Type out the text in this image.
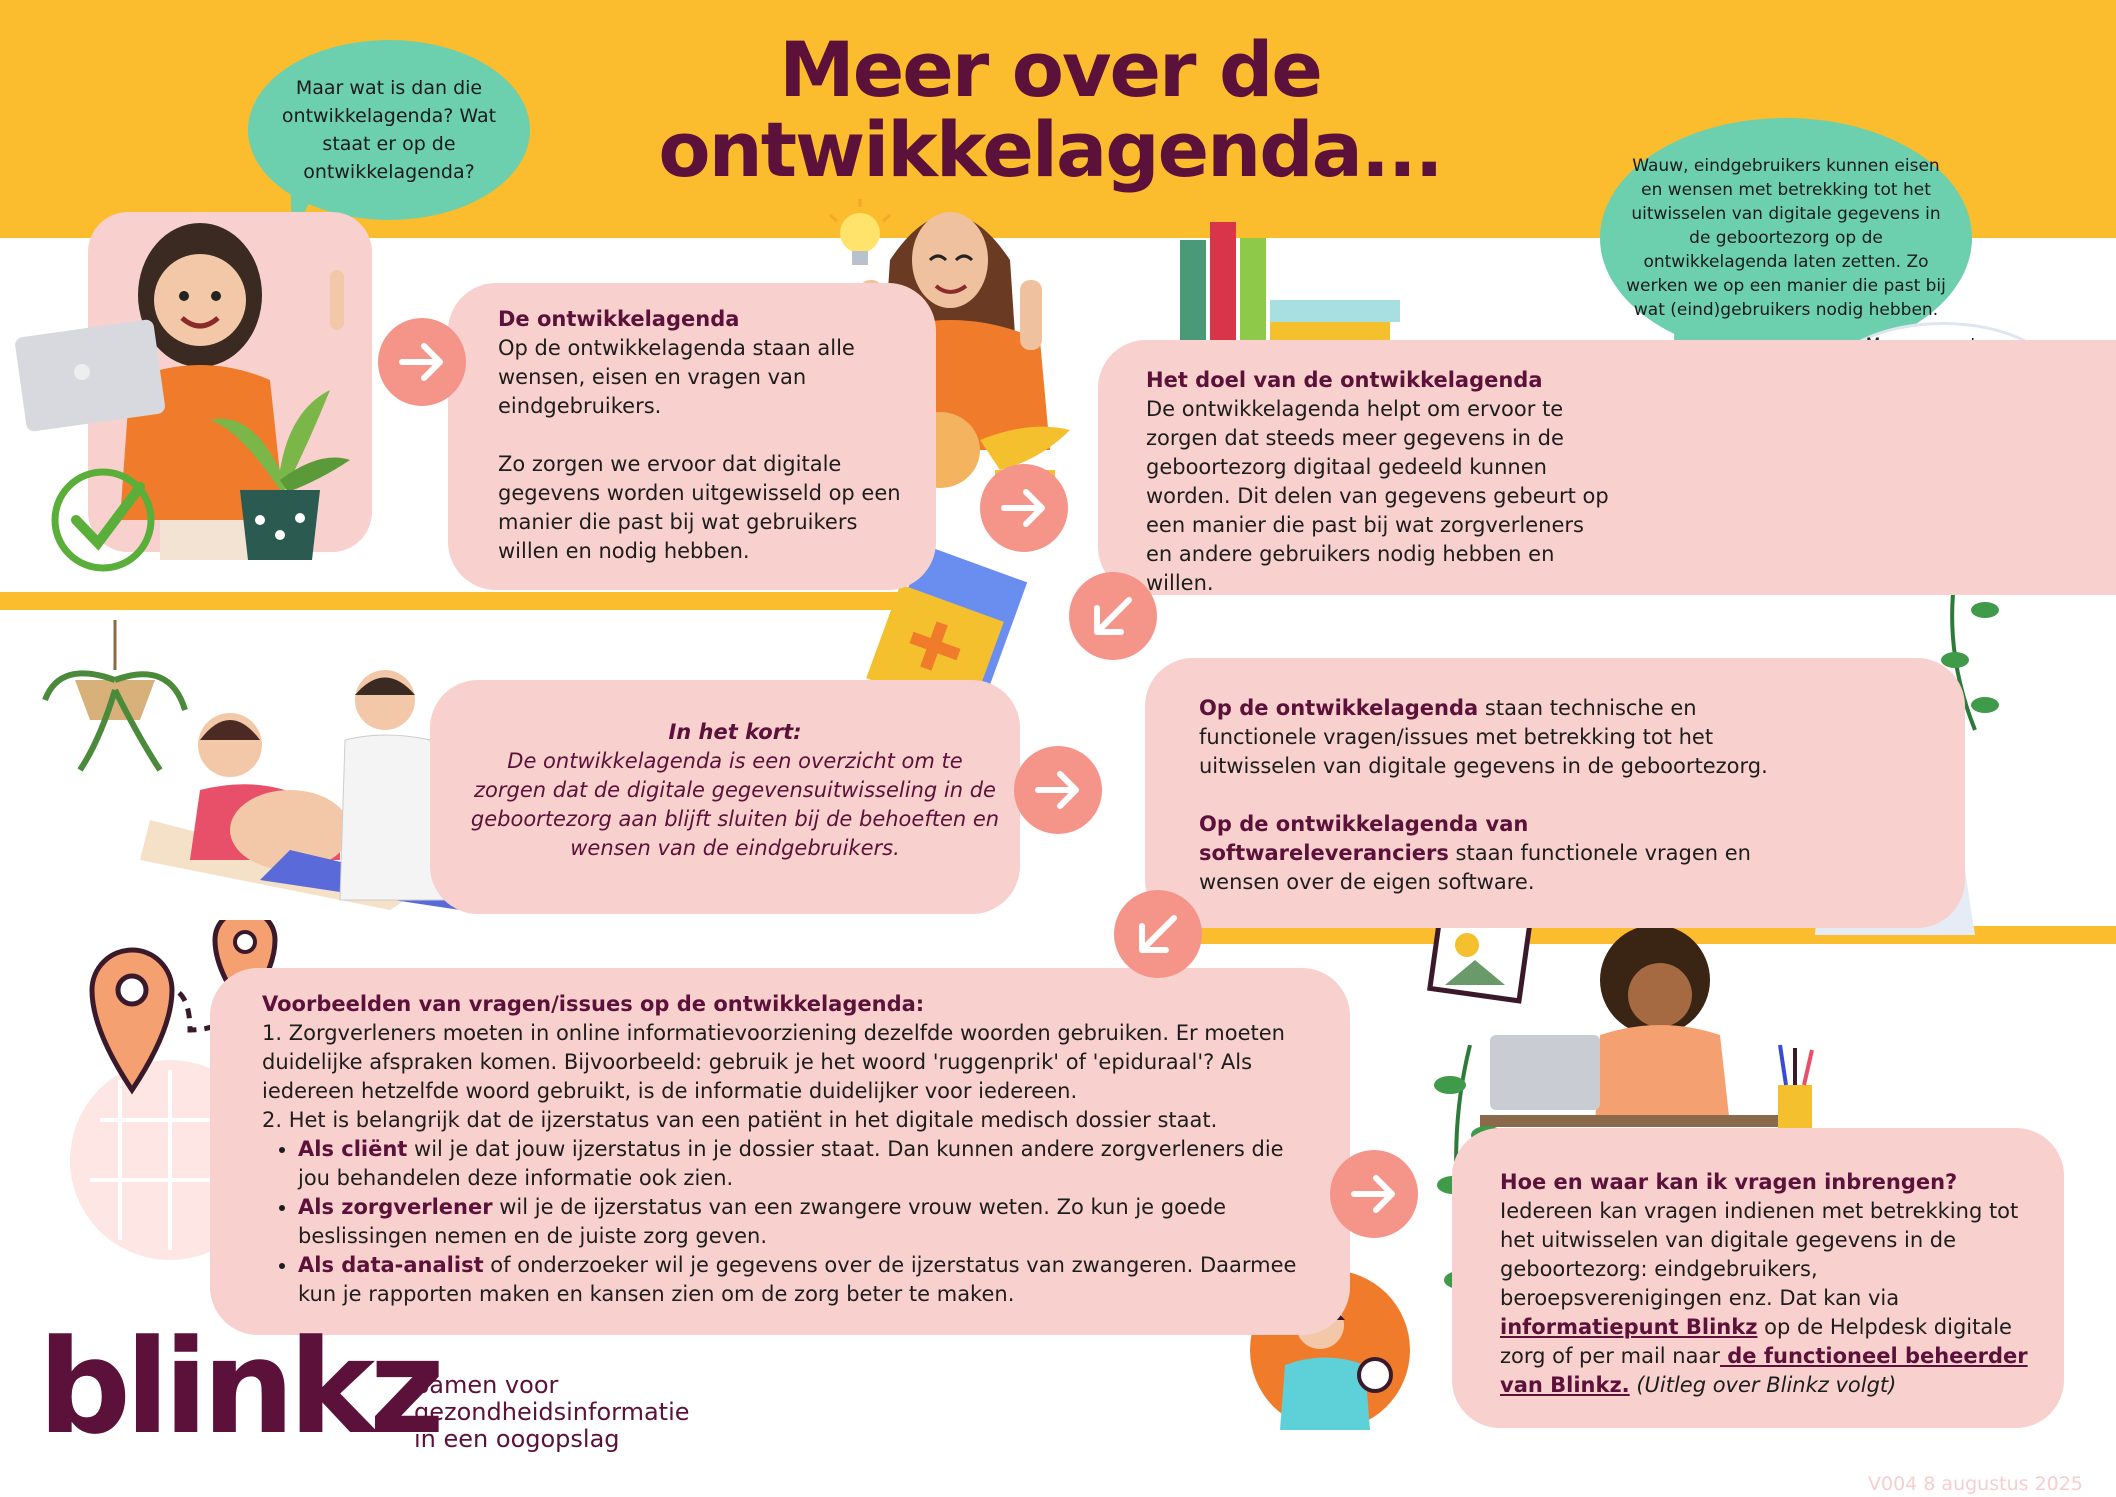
Meer over de
ontwikkelagenda...
Maar wat is dan die ontwikkelagenda? Wat staat er op de ontwikkelagenda?	Wauw, eindgebruikers kunnen eisen en wensen met betrekking tot het uitwisselen van digitale gegevens in de geboortezorg op de ontwikkelagenda laten zetten. Zo werken we op een manier die past bij wat (eind)gebruikers nodig hebben.
De ontwikkelagenda
Op de ontwikkelagenda staan alle wensen, eisen en vragen van eindgebruikers.
Zo zorgen we ervoor dat digitale gegevens worden uitgewisseld op een manier die past bij wat gebruikers willen en nodig hebben.
Het doel van de ontwikkelagenda
De ontwikkelagenda helpt om ervoor te zorgen dat steeds meer gegevens in de geboortezorg digitaal gedeeld kunnen worden. Dit delen van gegevens gebeurt op een manier die past bij wat zorgverleners en andere gebruikers nodig hebben en willen.
In het kort:
De ontwikkelagenda is een overzicht om te zorgen dat de digitale gegevensuitwisseling in de geboortezorg aan blijft sluiten bij de behoeften en wensen van de eindgebruikers.
Op de ontwikkelagenda staan technische en functionele vragen/issues met betrekking tot het uitwisselen van digitale gegevens in de geboortezorg.
Op de ontwikkelagenda van softwareleveranciers staan functionele vragen en wensen over de eigen software.
Voorbeelden van vragen/issues op de ontwikkelagenda:
1. Zorgverleners moeten in online informatievoorziening dezelfde woorden gebruiken. Er moeten duidelijke afspraken komen. Bijvoorbeeld: gebruik je het woord 'ruggenprik' of 'epiduraal'? Als iedereen hetzelfde woord gebruikt, is de informatie duidelijker voor iedereen.
2. Het is belangrijk dat de ijzerstatus van een patiënt in het digitale medisch dossier staat.
• Als cliënt wil je dat jouw ijzerstatus in je dossier staat. Dan kunnen andere zorgverleners die jou behandelen deze informatie ook zien.
• Als zorgverlener wil je de ijzerstatus van een zwangere vrouw weten. Zo kun je goede beslissingen nemen en de juiste zorg geven.
• Als data-analist of onderzoeker wil je gegevens over de ijzerstatus van zwangeren. Daarmee kun je rapporten maken en kansen zien om de zorg beter te maken.
Hoe en waar kan ik vragen inbrengen?
Iedereen kan vragen indienen met betrekking tot het uitwisselen van digitale gegevens in de geboortezorg: eindgebruikers, beroepsverenigingen enz. Dat kan via informatiepunt Blinkz op de Helpdesk digitale zorg of per mail naar de functioneel beheerder van Blinkz. (Uitleg over Blinkz volgt)
blinkz
Samen voor
gezondheidsinformatie
in een oogopslag
V004 8 augustus 2025
